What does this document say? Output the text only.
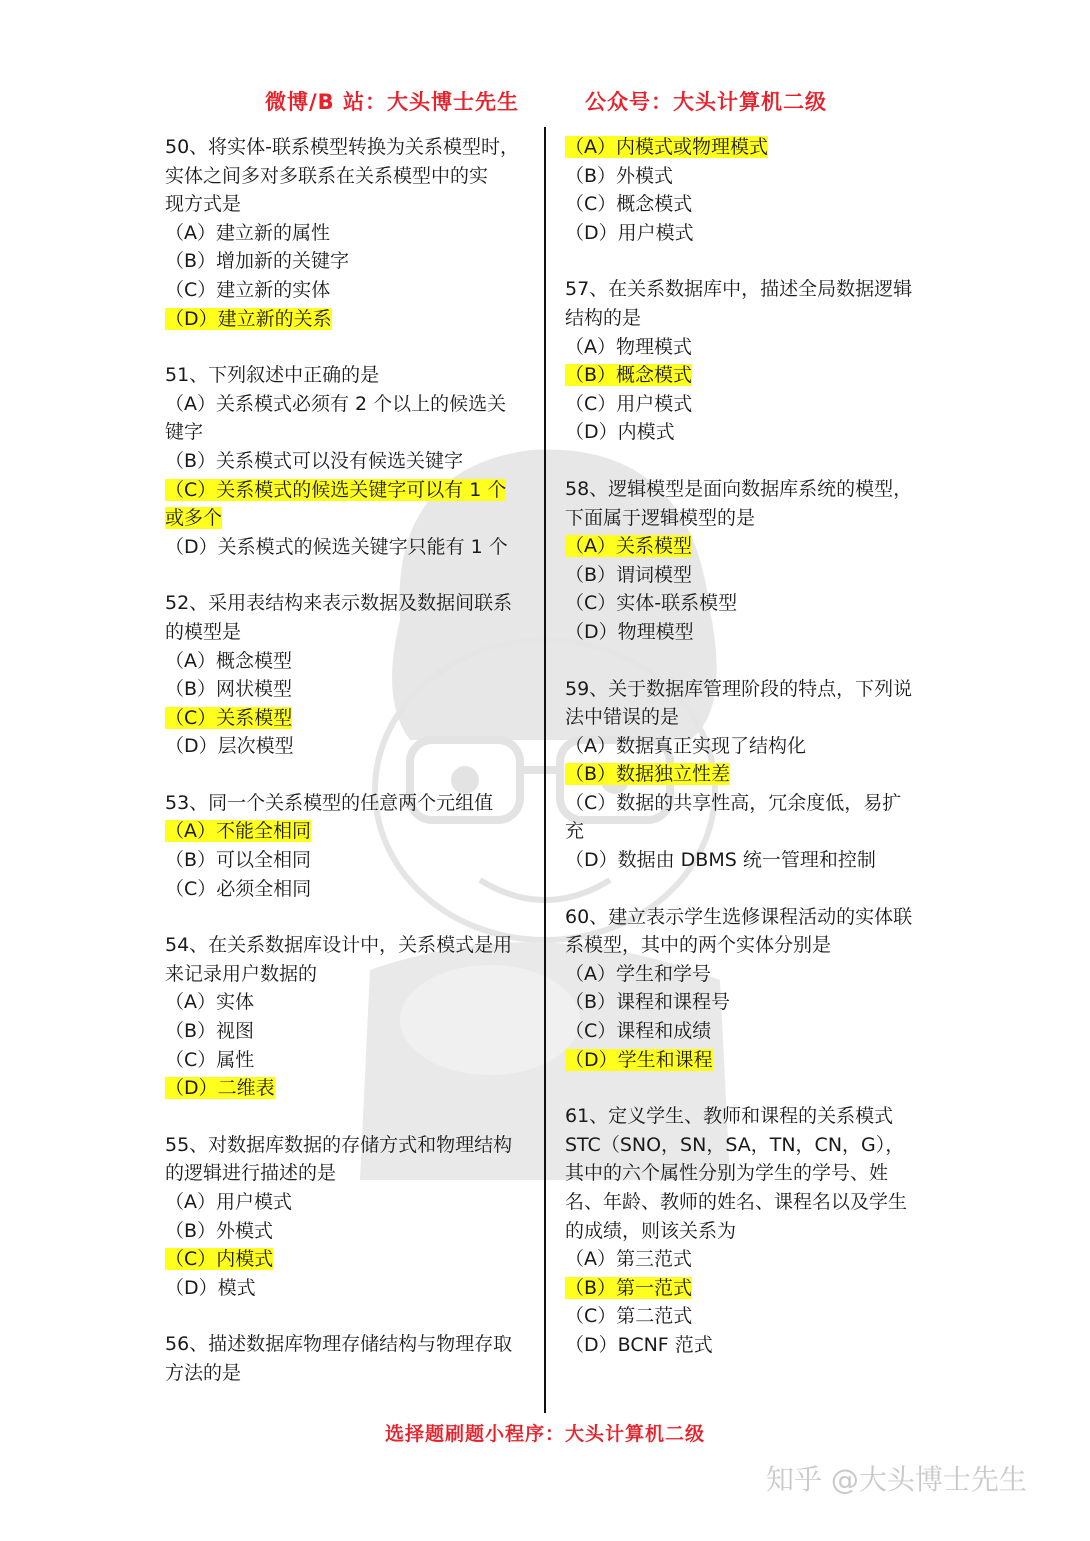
微博/B 站：大头博士先生	公众号：大头计算机二级
50、将实体-联系模型转换为关系模型时，
实体之间多对多联系在关系模型中的实
现方式是
（A）建立新的属性
（B）增加新的关键字
（C）建立新的实体
（D）建立新的关系
51、下列叙述中正确的是
（A）关系模式必须有 2 个以上的候选关
键字
（B）关系模式可以没有候选关键字
（C）关系模式的候选关键字可以有 1 个
或多个
（D）关系模式的候选关键字只能有 1 个
52、采用表结构来表示数据及数据间联系
的模型是
（A）概念模型
（B）网状模型
（C）关系模型
（D）层次模型
53、同一个关系模型的任意两个元组值
（A）不能全相同
（B）可以全相同
（C）必须全相同
54、在关系数据库设计中，关系模式是用
来记录用户数据的
（A）实体
（B）视图
（C）属性
（D）二维表
55、对数据库数据的存储方式和物理结构
的逻辑进行描述的是
（A）用户模式
（B）外模式
（C）内模式
（D）模式
56、描述数据库物理存储结构与物理存取
方法的是
（A）内模式或物理模式
（B）外模式
（C）概念模式
（D）用户模式
57、在关系数据库中，描述全局数据逻辑
结构的是
（A）物理模式
（B）概念模式
（C）用户模式
（D）内模式
58、逻辑模型是面向数据库系统的模型，
下面属于逻辑模型的是
（A）关系模型
（B）谓词模型
（C）实体-联系模型
（D）物理模型
59、关于数据库管理阶段的特点，下列说
法中错误的是
（A）数据真正实现了结构化
（B）数据独立性差
（C）数据的共享性高，冗余度低，易扩
充
（D）数据由 DBMS 统一管理和控制
60、建立表示学生选修课程活动的实体联
系模型，其中的两个实体分别是
（A）学生和学号
（B）课程和课程号
（C）课程和成绩
（D）学生和课程
61、定义学生、教师和课程的关系模式
STC（SNO，SN，SA，TN，CN，G），
其中的六个属性分别为学生的学号、姓
名、年龄、教师的姓名、课程名以及学生
的成绩，则该关系为
（A）第三范式
（B）第一范式
（C）第二范式
（D）BCNF 范式
选择题刷题小程序：大头计算机二级
知乎 @大头博士先生
